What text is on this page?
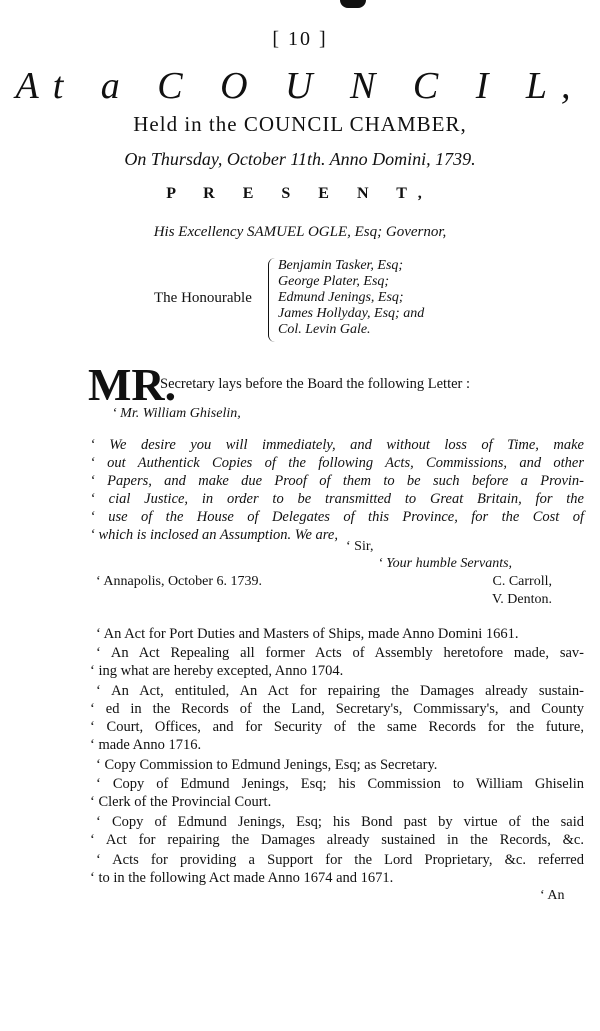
[ 10 ]
At a C O U N C I L,
Held in the COUNCIL CHAMBER,
On Thursday, October 11th. Anno Domini, 1739.
P R E S E N T,
His Excellency SAMUEL OGLE, Esq; Governor,
The Honourable
Benjamin Tasker, Esq;
George Plater, Esq;
Edmund Jenings, Esq;
James Hollyday, Esq; and
Col. Levin Gale.
MR.
Secretary lays before the Board the following Letter :
‘ Mr. William Ghiselin,
‘ We desire you will immediately, and without loss of Time, make
‘ out Authentick Copies of the following Acts, Commissions, and other
‘ Papers, and make due Proof of them to be such before a Provin-
‘ cial Justice, in order to be transmitted to Great Britain, for the
‘ use of the House of Delegates of this Province, for the Cost of
‘ which is inclosed an Assumption. We are,
‘ Sir,
‘ Your humble Servants,
‘ Annapolis, October 6. 1739.	C. Carroll,
V. Denton.
‘ An Act for Port Duties and Masters of Ships, made Anno Domini 1661.
‘ An Act Repealing all former Acts of Assembly heretofore made, sav-
‘ ing what are hereby excepted, Anno 1704.
‘ An Act, entituled, An Act for repairing the Damages already sustain-
‘ ed in the Records of the Land, Secretary's, Commissary's, and County
‘ Court, Offices, and for Security of the same Records for the future,
‘ made Anno 1716.
‘ Copy Commission to Edmund Jenings, Esq; as Secretary.
‘ Copy of Edmund Jenings, Esq; his Commission to William Ghiselin
‘ Clerk of the Provincial Court.
‘ Copy of Edmund Jenings, Esq; his Bond past by virtue of the said
‘ Act for repairing the Damages already sustained in the Records, &c.
‘ Acts for providing a Support for the Lord Proprietary, &c. referred
‘ to in the following Act made Anno 1674 and 1671.
‘ An
